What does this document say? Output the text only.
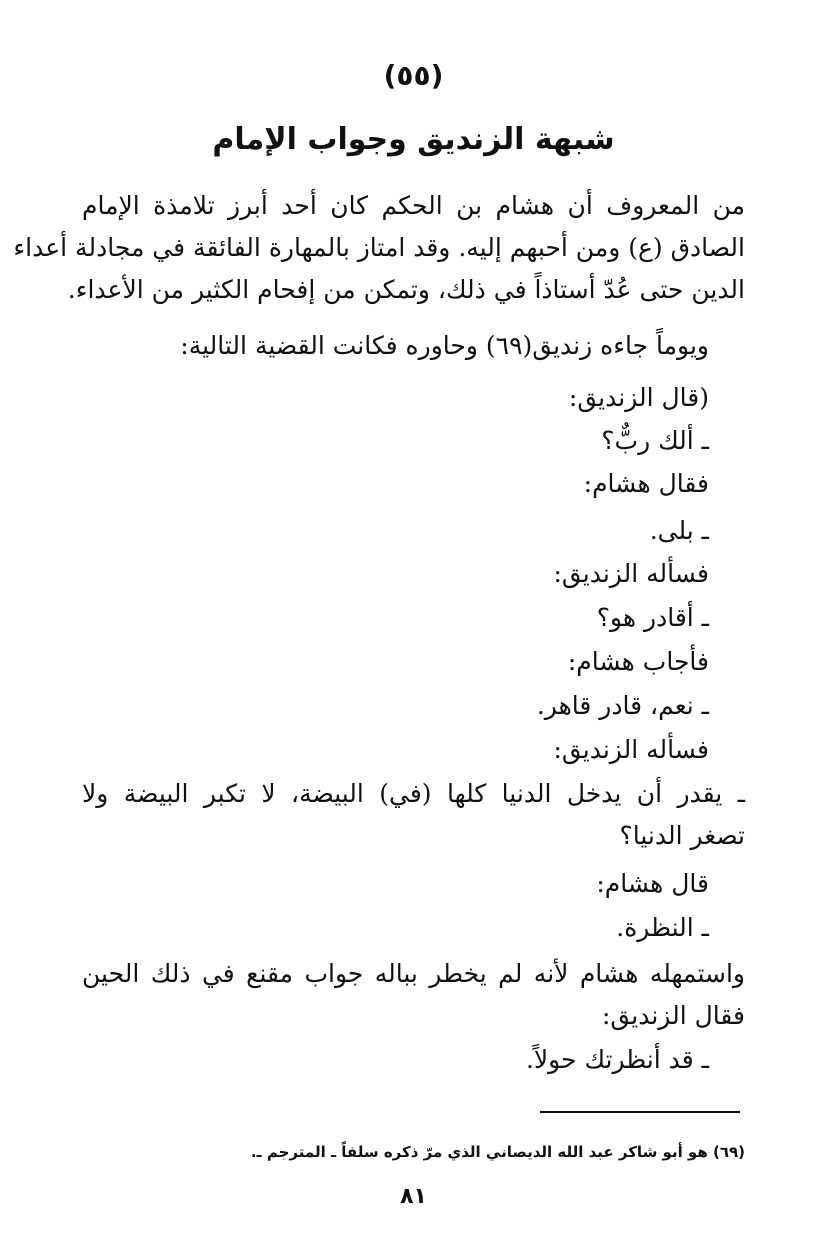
(٥٥)
شبهة الزنديق وجواب الإمام
من المعروف أن هشام بن الحكم كان أحد أبرز تلامذة الإمام
الصادق (ع) ومن أحبهم إليه. وقد امتاز بالمهارة الفائقة في مجادلة أعداء
الدين حتى عُدّ أستاذاً في ذلك، وتمكن من إفحام الكثير من الأعداء.
ويوماً جاءه زنديق(٦٩) وحاوره فكانت القضية التالية:
(قال الزنديق:
ـ ألك ربٌّ؟
فقال هشام:
ـ بلى.
فسأله الزنديق:
ـ أقادر هو؟
فأجاب هشام:
ـ نعم، قادر قاهر.
فسأله الزنديق:
ـ يقدر أن يدخل الدنيا كلها (في) البيضة، لا تكبر البيضة ولا
تصغر الدنيا؟
قال هشام:
ـ النظرة.
واستمهله هشام لأنه لم يخطر بباله جواب مقنع في ذلك الحين
فقال الزنديق:
ـ قد أنظرتك حولاً.
(٦٩) هو أبو شاكر عبد الله الديصاني الذي مرّ ذكره سلفاً ـ المترجم ـ.
٨١
